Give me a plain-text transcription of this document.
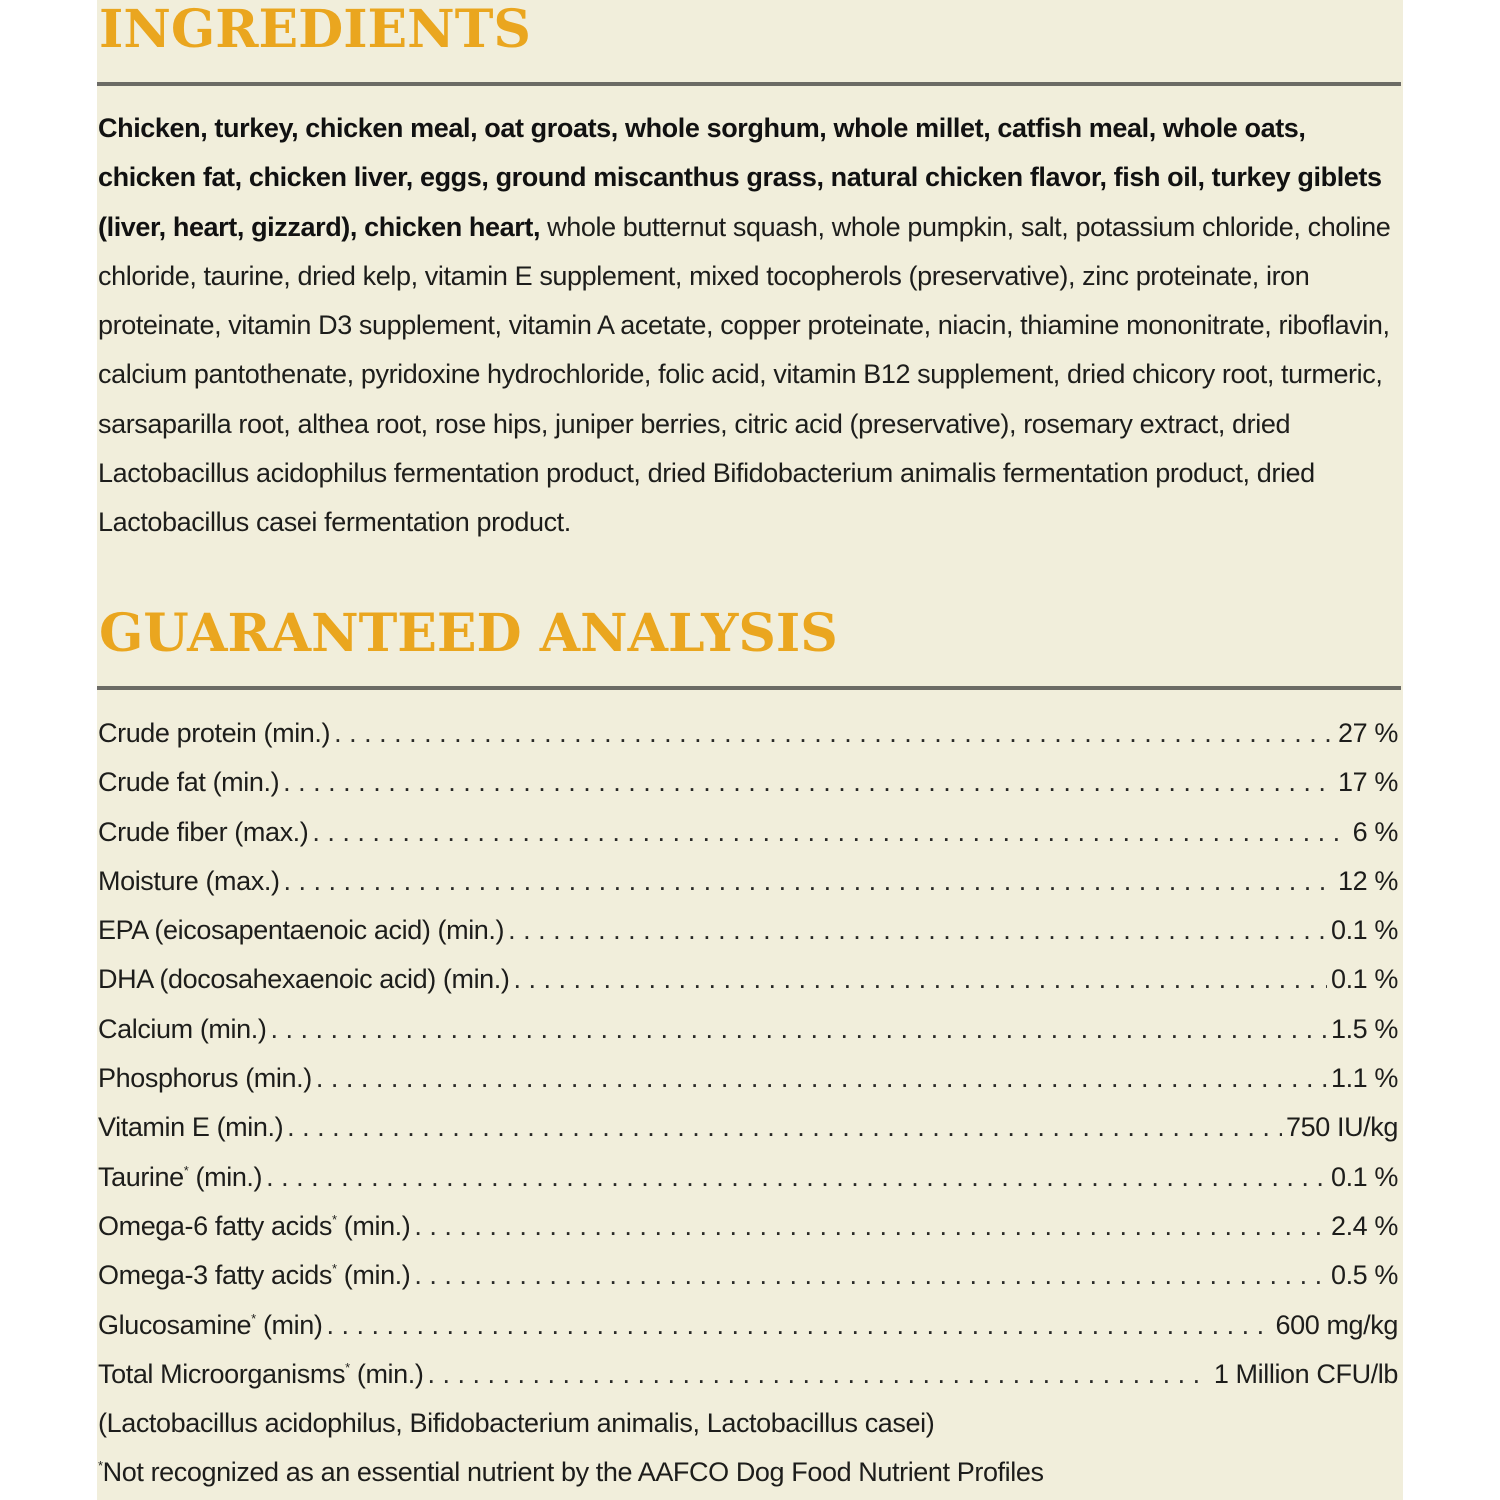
INGREDIENTS

Chicken, turkey, chicken meal, oat groats, whole sorghum, whole millet, catfish meal, whole oats, chicken fat, chicken liver, eggs, ground miscanthus grass, natural chicken flavor, fish oil, turkey giblets (liver, heart, gizzard), chicken heart, whole butternut squash, whole pumpkin, salt, potassium chloride, choline chloride, taurine, dried kelp, vitamin E supplement, mixed tocopherols (preservative), zinc proteinate, iron proteinate, vitamin D3 supplement, vitamin A acetate, copper proteinate, niacin, thiamine mononitrate, riboflavin, calcium pantothenate, pyridoxine hydrochloride, folic acid, vitamin B12 supplement, dried chicory root, turmeric, sarsaparilla root, althea root, rose hips, juniper berries, citric acid (preservative), rosemary extract, dried Lactobacillus acidophilus fermentation product, dried Bifidobacterium animalis fermentation product, dried Lactobacillus casei fermentation product.

GUARANTEED ANALYSIS
Crude protein (min.) . . .	27 %
Crude fat (min.) . . .	17 %
Crude fiber (max.) . . .	6 %
Moisture (max.) . . .	12 %
EPA (eicosapentaenoic acid) (min.) . . .	0.1 %
DHA (docosahexaenoic acid) (min.) . . .	0.1 %
Calcium (min.) . . .	1.5 %
Phosphorus (min.) . . .	1.1 %
Vitamin E (min.) . . .	750 IU/kg
Taurine* (min.) . . .	0.1 %
Omega-6 fatty acids* (min.) . . .	2.4 %
Omega-3 fatty acids* (min.) . . .	0.5 %
Glucosamine* (min) . . .	600 mg/kg
Total Microorganisms* (min.) . . .	1 Million CFU/lb
(Lactobacillus acidophilus, Bifidobacterium animalis, Lactobacillus casei)
*Not recognized as an essential nutrient by the AAFCO Dog Food Nutrient Profiles
